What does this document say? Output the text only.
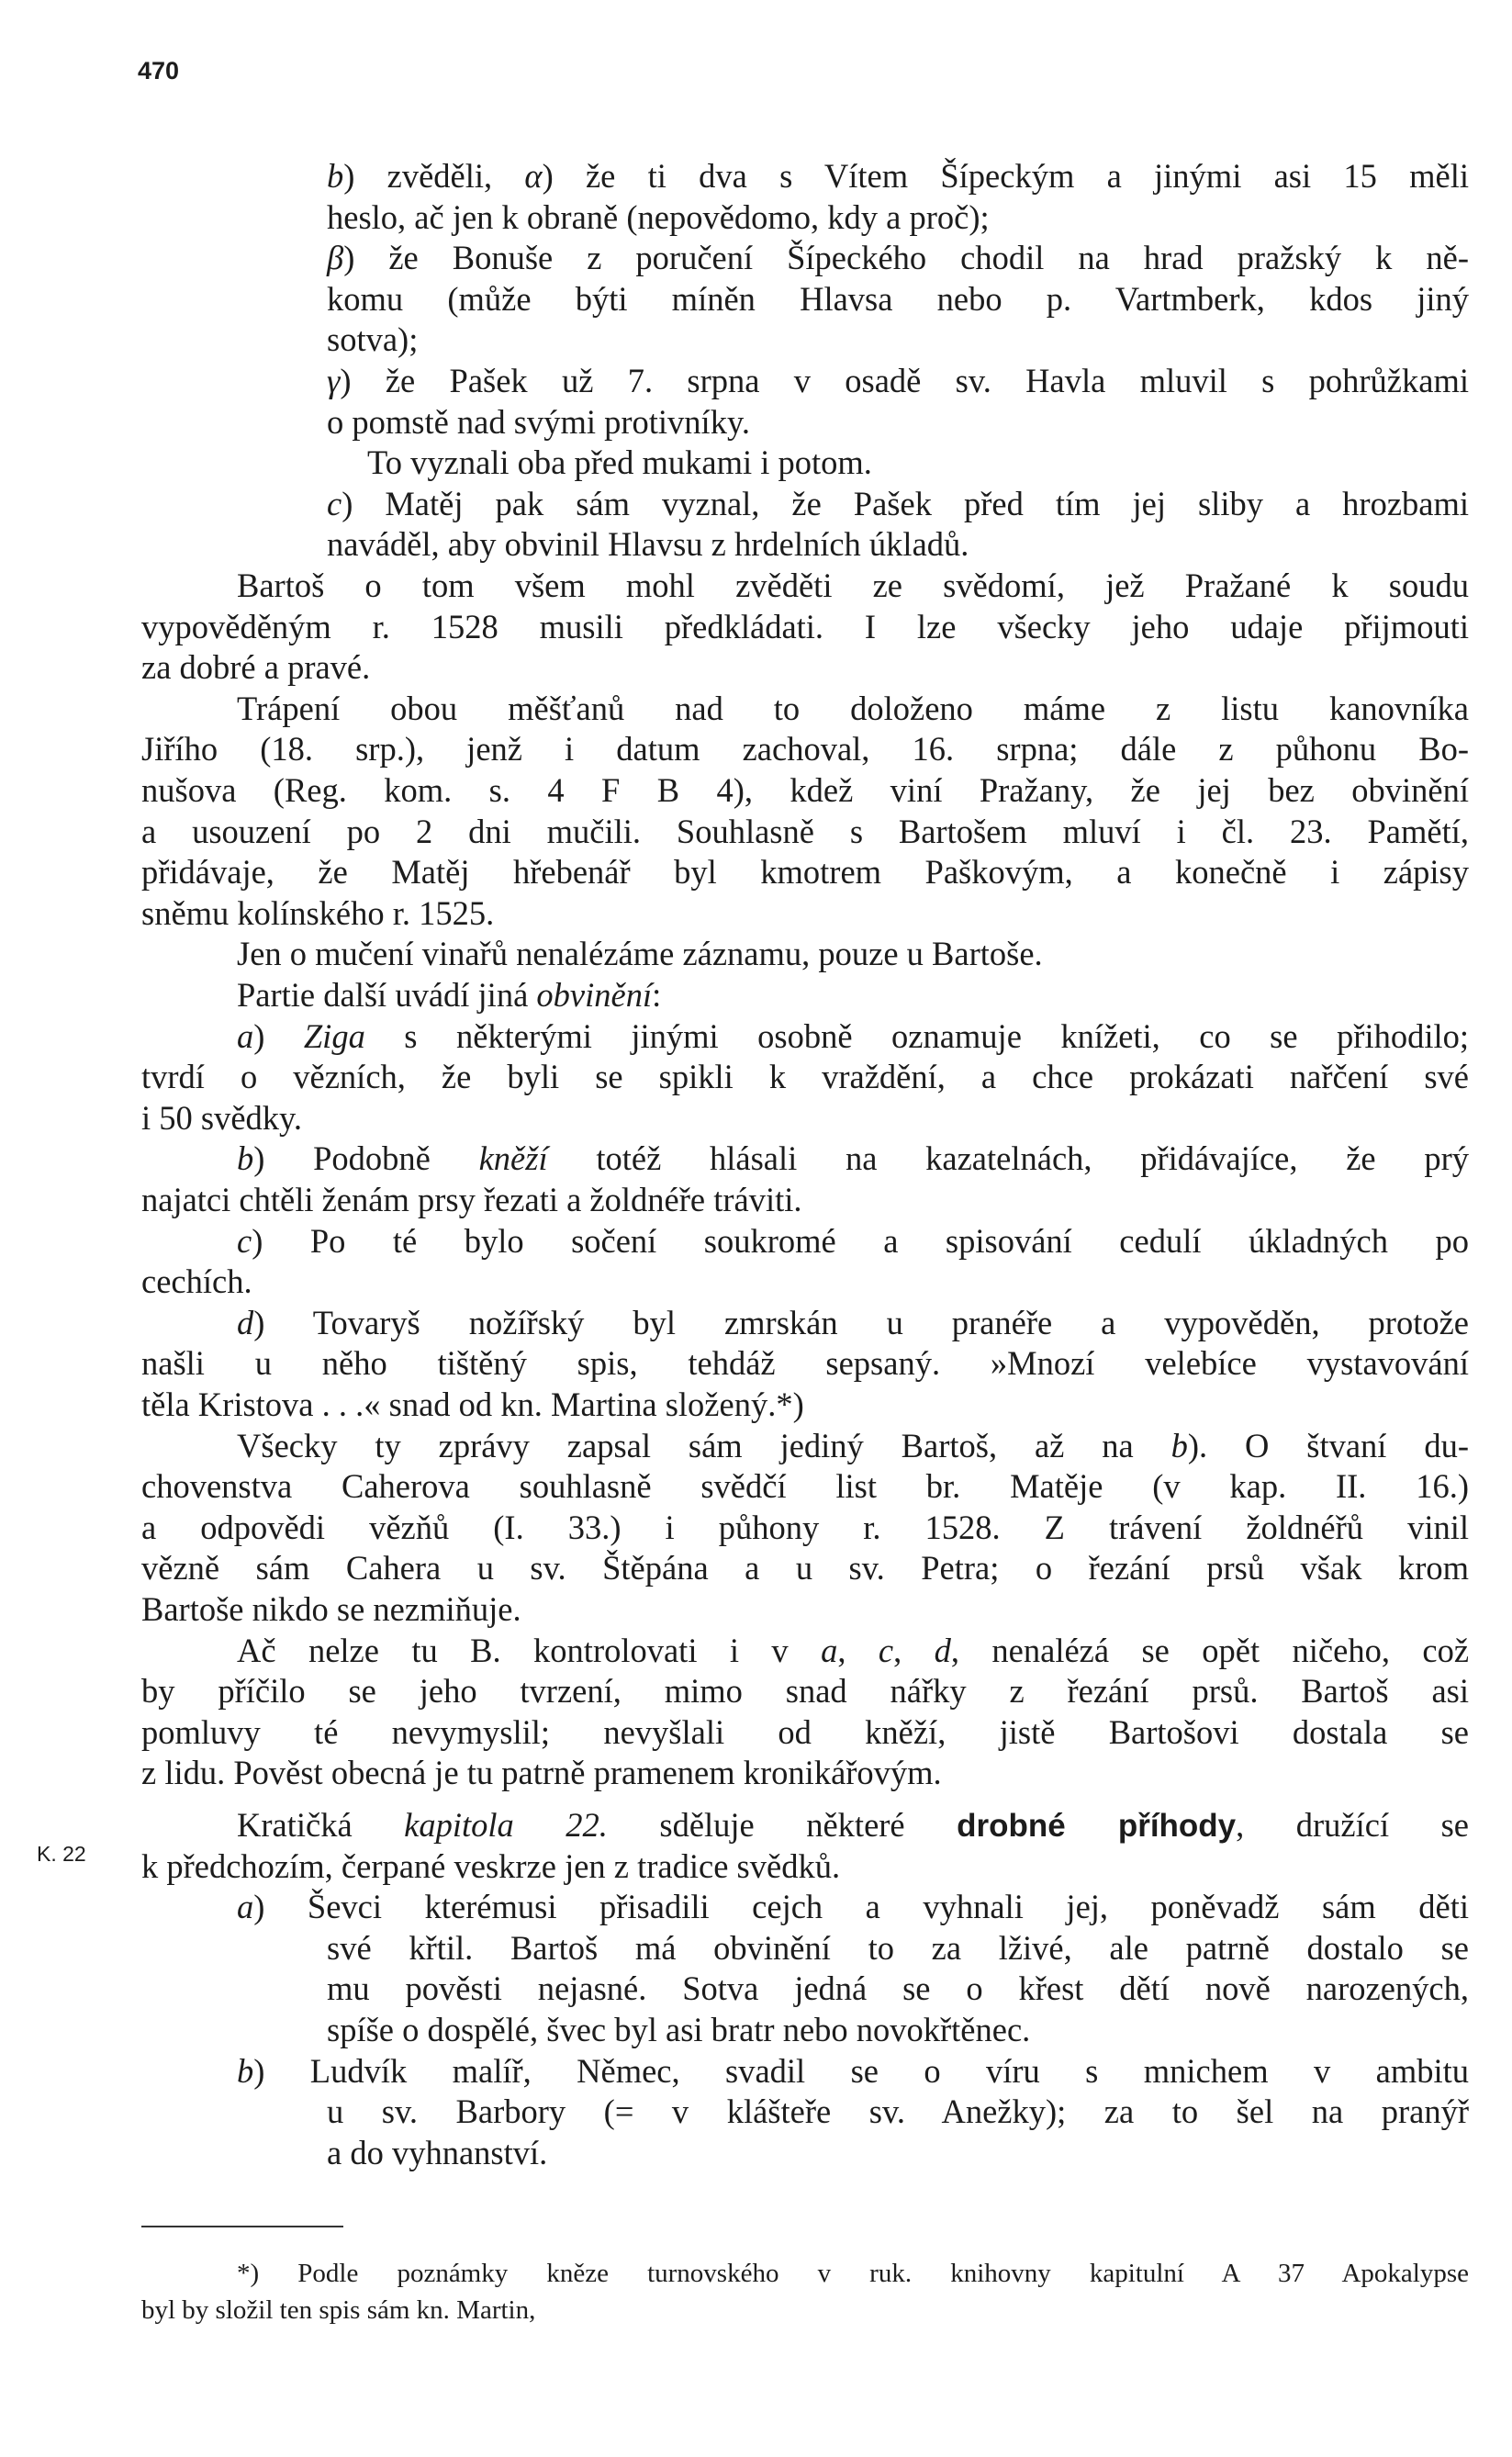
470
K. 22
b) zvěděli, α) že ti dva s Vítem Šípeckým a jinými asi 15 měli
heslo, ač jen k obraně (nepovědomo, kdy a proč);
β) že Bonuše z poručení Šípeckého chodil na hrad pražský k ně-
komu (může býti míněn Hlavsa nebo p. Vartmberk, kdos jiný
sotva);
γ) že Pašek už 7. srpna v osadě sv. Havla mluvil s pohrůžkami
o pomstě nad svými protivníky.
To vyznali oba před mukami i potom.
c) Matěj pak sám vyznal, že Pašek před tím jej sliby a hrozbami
naváděl, aby obvinil Hlavsu z hrdelních úkladů.
Bartoš o tom všem mohl zvěděti ze svědomí, jež Pražané k soudu
vypověděným r. 1528 musili předkládati. I lze všecky jeho udaje přijmouti
za dobré a pravé.
Trápení obou měšťanů nad to doloženo máme z listu kanovníka
Jiřího (18. srp.), jenž i datum zachoval, 16. srpna; dále z půhonu Bo-
nušova (Reg. kom. s. 4 F B 4), kdež viní Pražany, že jej bez obvinění
a usouzení po 2 dni mučili. Souhlasně s Bartošem mluví i čl. 23. Pamětí,
přidávaje, že Matěj hřebenář byl kmotrem Paškovým, a konečně i zápisy
sněmu kolínského r. 1525.
Jen o mučení vinařů nenalézáme záznamu, pouze u Bartoše.
Partie další uvádí jiná obvinění:
a) Ziga s některými jinými osobně oznamuje knížeti, co se přihodilo;
tvrdí o vězních, že byli se spikli k vraždění, a chce prokázati nařčení své
i 50 svědky.
b) Podobně kněží totéž hlásali na kazatelnách, přidávajíce, že prý
najatci chtěli ženám prsy řezati a žoldnéře tráviti.
c) Po té bylo sočení soukromé a spisování cedulí úkladných po
cechích.
d) Tovaryš nožířský byl zmrskán u pranéře a vypověděn, protože
našli u něho tištěný spis, tehdáž sepsaný. »Mnozí velebíce vystavování
těla Kristova . . .« snad od kn. Martina složený.*)
Všecky ty zprávy zapsal sám jediný Bartoš, až na b). O štvaní du-
chovenstva Caherova souhlasně svědčí list br. Matěje (v kap. II. 16.)
a odpovědi vězňů (I. 33.) i půhony r. 1528. Z trávení žoldnéřů vinil
vězně sám Cahera u sv. Štěpána a u sv. Petra; o řezání prsů však krom
Bartoše nikdo se nezmiňuje.
Ač nelze tu B. kontrolovati i v a, c, d, nenalézá se opět ničeho, což
by příčilo se jeho tvrzení, mimo snad nářky z řezání prsů. Bartoš asi
pomluvy té nevymyslil; nevyšlali od kněží, jistě Bartošovi dostala se
z lidu. Pověst obecná je tu patrně pramenem kronikářovým.
Kratičká kapitola 22. sděluje některé drobné příhody, družící se
k předchozím, čerpané veskrze jen z tradice svědků.
a) Ševci kterémusi přisadili cejch a vyhnali jej, poněvadž sám děti
své křtil. Bartoš má obvinění to za lživé, ale patrně dostalo se
mu pověsti nejasné. Sotva jedná se o křest dětí nově narozených,
spíše o dospělé, švec byl asi bratr nebo novokřtěnec.
b) Ludvík malíř, Němec, svadil se o víru s mnichem v ambitu
u sv. Barbory (= v klášteře sv. Anežky); za to šel na pranýř
a do vyhnanství.
*) Podle poznámky kněze turnovského v ruk. knihovny kapitulní A 37 Apokalypse
byl by složil ten spis sám kn. Martin,
